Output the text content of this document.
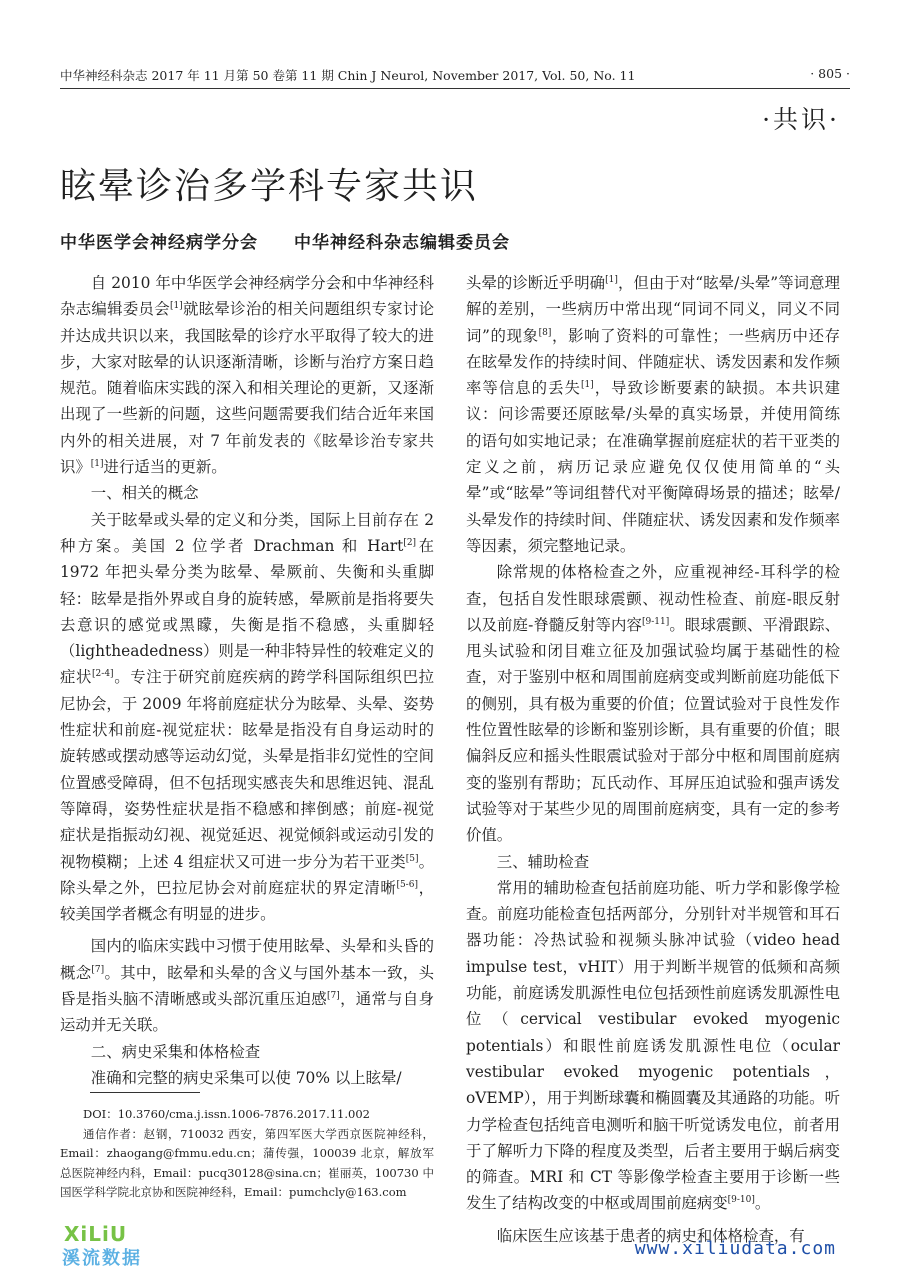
中华神经科杂志 2017 年 11 月第 50 卷第 11 期 Chin J Neurol, November 2017, Vol. 50, No. 11	· 805 ·
·共识·
眩晕诊治多学科专家共识
中华医学会神经病学分会　　中华神经科杂志编辑委员会

自 2010 年中华医学会神经病学分会和中华神经科杂志编辑委员会[1]就眩晕诊治的相关问题组织专家讨论并达成共识以来，我国眩晕的诊疗水平取得了较大的进步，大家对眩晕的认识逐渐清晰，诊断与治疗方案日趋规范。随着临床实践的深入和相关理论的更新，又逐渐出现了一些新的问题，这些问题需要我们结合近年来国内外的相关进展，对 7 年前发表的《眩晕诊治专家共识》[1]进行适当的更新。

一、相关的概念

关于眩晕或头晕的定义和分类，国际上目前存在 2 种方案。美国 2 位学者 Drachman 和 Hart[2]在 1972 年把头晕分类为眩晕、晕厥前、失衡和头重脚轻：眩晕是指外界或自身的旋转感，晕厥前是指将要失去意识的感觉或黑矇，失衡是指不稳感，头重脚轻（lightheadedness）则是一种非特异性的较难定义的症状[2-4]。专注于研究前庭疾病的跨学科国际组织巴拉尼协会，于 2009 年将前庭症状分为眩晕、头晕、姿势性症状和前庭-视觉症状：眩晕是指没有自身运动时的旋转感或摆动感等运动幻觉，头晕是指非幻觉性的空间位置感受障碍，但不包括现实感丧失和思维迟钝、混乱等障碍，姿势性症状是指不稳感和摔倒感；前庭-视觉症状是指振动幻视、视觉延迟、视觉倾斜或运动引发的视物模糊；上述 4 组症状又可进一步分为若干亚类[5]。除头晕之外，巴拉尼协会对前庭症状的界定清晰[5-6]，较美国学者概念有明显的进步。

国内的临床实践中习惯于使用眩晕、头晕和头昏的概念[7]。其中，眩晕和头晕的含义与国外基本一致，头昏是指头脑不清晰感或头部沉重压迫感[7]，通常与自身运动并无关联。

二、病史采集和体格检查

准确和完整的病史采集可以使 70% 以上眩晕/

DOI：10.3760/cma.j.issn.1006-7876.2017.11.002
通信作者：赵钢，710032 西安，第四军医大学西京医院神经科，Email：zhaogang@fmmu.edu.cn；蒲传强，100039 北京，解放军总医院神经内科，Email：pucq30128@sina.cn；崔丽英，100730 中国医学科学院北京协和医院神经科，Email：pumchcly@163.com

头晕的诊断近乎明确[1]，但由于对“眩晕/头晕”等词意理解的差别，一些病历中常出现“同词不同义，同义不同词”的现象[8]，影响了资料的可靠性；一些病历中还存在眩晕发作的持续时间、伴随症状、诱发因素和发作频率等信息的丢失[1]，导致诊断要素的缺损。本共识建议：问诊需要还原眩晕/头晕的真实场景，并使用简练的语句如实地记录；在准确掌握前庭症状的若干亚类的定义之前，病历记录应避免仅仅使用简单的“头晕”或“眩晕”等词组替代对平衡障碍场景的描述；眩晕/头晕发作的持续时间、伴随症状、诱发因素和发作频率等因素，须完整地记录。

除常规的体格检查之外，应重视神经-耳科学的检查，包括自发性眼球震颤、视动性检查、前庭-眼反射以及前庭-脊髓反射等内容[9-11]。眼球震颤、平滑跟踪、甩头试验和闭目难立征及加强试验均属于基础性的检查，对于鉴别中枢和周围前庭病变或判断前庭功能低下的侧别，具有极为重要的价值；位置试验对于良性发作性位置性眩晕的诊断和鉴别诊断，具有重要的价值；眼偏斜反应和摇头性眼震试验对于部分中枢和周围前庭病变的鉴别有帮助；瓦氏动作、耳屏压迫试验和强声诱发试验等对于某些少见的周围前庭病变，具有一定的参考价值。

三、辅助检查

常用的辅助检查包括前庭功能、听力学和影像学检查。前庭功能检查包括两部分，分别针对半规管和耳石器功能：冷热试验和视频头脉冲试验（video head impulse test，vHIT）用于判断半规管的低频和高频功能，前庭诱发肌源性电位包括颈性前庭诱发肌源性电位（cervical vestibular evoked myogenic potentials）和眼性前庭诱发肌源性电位（ocular vestibular evoked myogenic potentials，oVEMP），用于判断球囊和椭圆囊及其通路的功能。听力学检查包括纯音电测听和脑干听觉诱发电位，前者用于了解听力下降的程度及类型，后者主要用于蜗后病变的筛查。MRI 和 CT 等影像学检查主要用于诊断一些发生了结构改变的中枢或周围前庭病变[9-10]。

临床医生应该基于患者的病史和体格检查，有

XiLiU
溪流数据	www.xiliudata.com
